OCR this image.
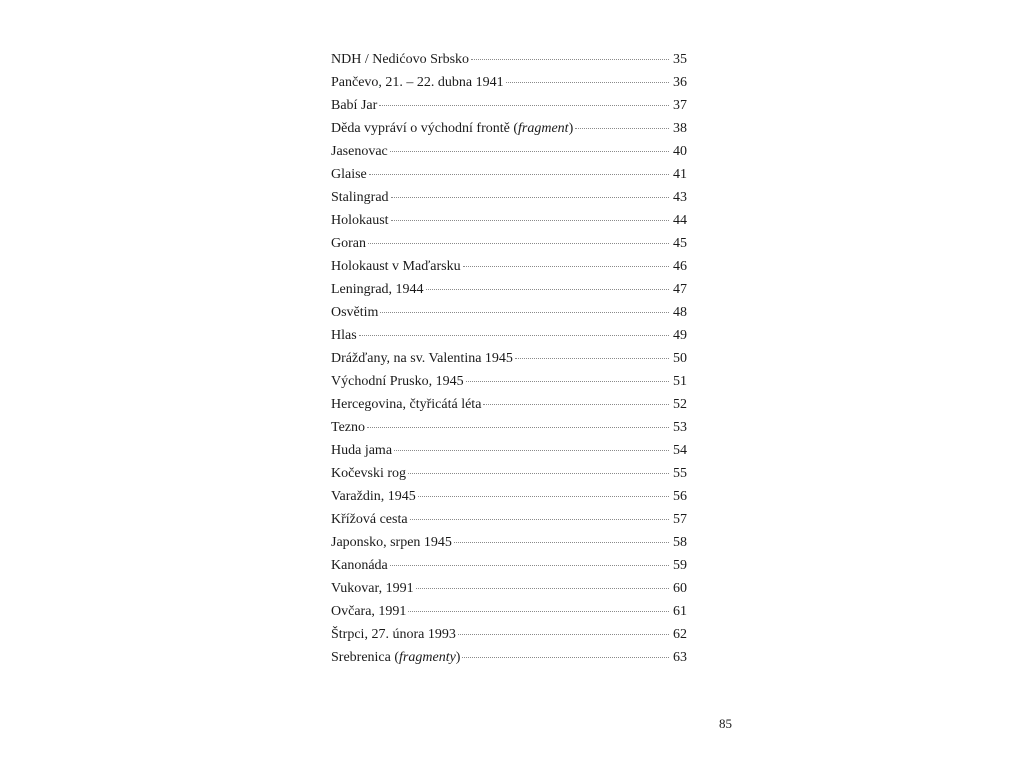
NDH / Nedićovo Srbsko	35
Pančevo, 21. – 22. dubna 1941	36
Babí Jar	37
Děda vypráví o východní frontě (fragment)	38
Jasenovac	40
Glaise	41
Stalingrad	43
Holokaust	44
Goran	45
Holokaust v Maďarsku	46
Leningrad, 1944	47
Osvětim	48
Hlas	49
Drážďany, na sv. Valentina 1945	50
Východní Prusko, 1945	51
Hercegovina, čtyřicátá léta	52
Tezno	53
Huda jama	54
Kočevski rog	55
Varaždin, 1945	56
Křížová cesta	57
Japonsko, srpen 1945	58
Kanonáda	59
Vukovar, 1991	60
Ovčara, 1991	61
Štrpci, 27. února 1993	62
Srebrenica (fragmenty)	63
85
